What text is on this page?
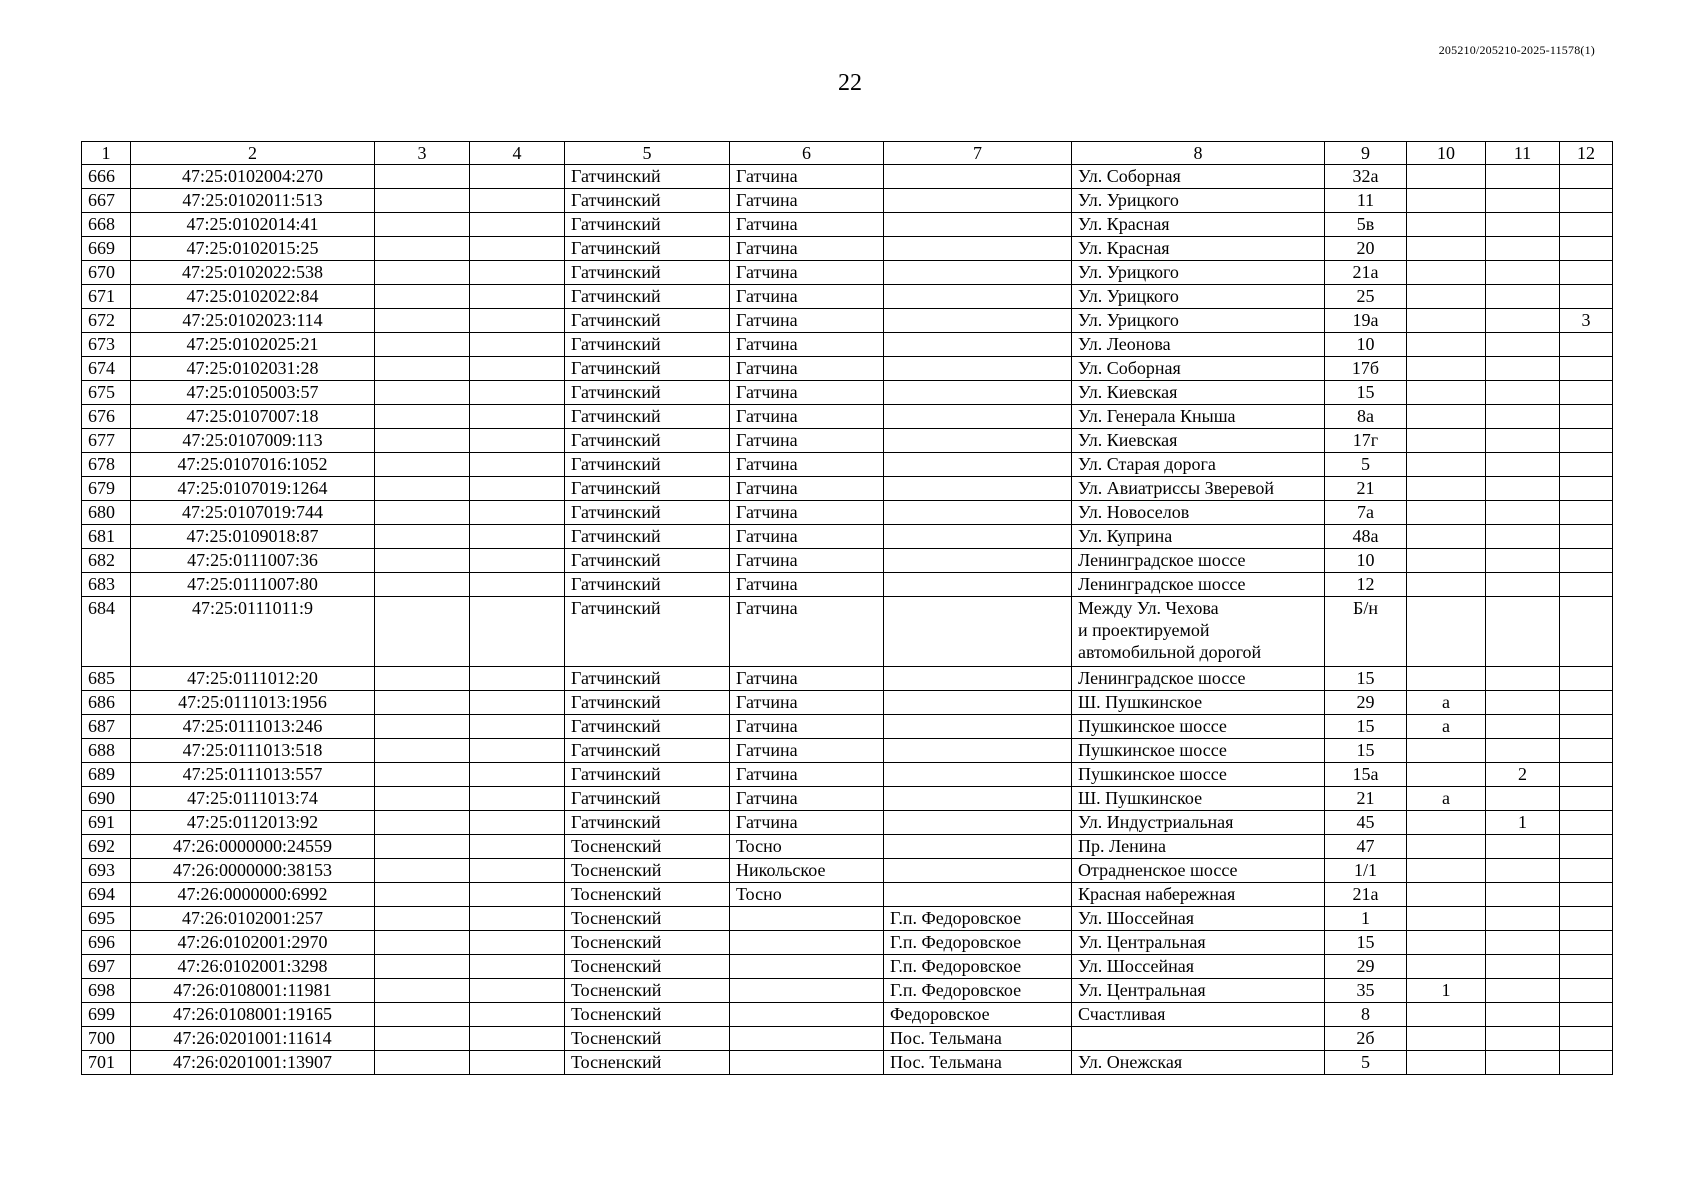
205210/205210-2025-11578(1)
22
1	2	3	4	5	6	7	8	9	10	11	12
666	47:25:0102004:270			Гатчинский	Гатчина		Ул. Соборная	32а			
667	47:25:0102011:513			Гатчинский	Гатчина		Ул. Урицкого	11			
668	47:25:0102014:41			Гатчинский	Гатчина		Ул. Красная	5в			
669	47:25:0102015:25			Гатчинский	Гатчина		Ул. Красная	20			
670	47:25:0102022:538			Гатчинский	Гатчина		Ул. Урицкого	21а			
671	47:25:0102022:84			Гатчинский	Гатчина		Ул. Урицкого	25			
672	47:25:0102023:114			Гатчинский	Гатчина		Ул. Урицкого	19а			3
673	47:25:0102025:21			Гатчинский	Гатчина		Ул. Леонова	10			
674	47:25:0102031:28			Гатчинский	Гатчина		Ул. Соборная	17б			
675	47:25:0105003:57			Гатчинский	Гатчина		Ул. Киевская	15			
676	47:25:0107007:18			Гатчинский	Гатчина		Ул. Генерала Кныша	8а			
677	47:25:0107009:113			Гатчинский	Гатчина		Ул. Киевская	17г			
678	47:25:0107016:1052			Гатчинский	Гатчина		Ул. Старая дорога	5			
679	47:25:0107019:1264			Гатчинский	Гатчина		Ул. Авиатриссы Зверевой	21			
680	47:25:0107019:744			Гатчинский	Гатчина		Ул. Новоселов	7а			
681	47:25:0109018:87			Гатчинский	Гатчина		Ул. Куприна	48а			
682	47:25:0111007:36			Гатчинский	Гатчина		Ленинградское шоссе	10			
683	47:25:0111007:80			Гатчинский	Гатчина		Ленинградское шоссе	12			
684	47:25:0111011:9			Гатчинский	Гатчина		Между Ул. Чехова
и проектируемой
автомобильной дорогой	Б/н			
685	47:25:0111012:20			Гатчинский	Гатчина		Ленинградское шоссе	15			
686	47:25:0111013:1956			Гатчинский	Гатчина		Ш. Пушкинское	29	а		
687	47:25:0111013:246			Гатчинский	Гатчина		Пушкинское шоссе	15	а		
688	47:25:0111013:518			Гатчинский	Гатчина		Пушкинское шоссе	15			
689	47:25:0111013:557			Гатчинский	Гатчина		Пушкинское шоссе	15а		2	
690	47:25:0111013:74			Гатчинский	Гатчина		Ш. Пушкинское	21	а		
691	47:25:0112013:92			Гатчинский	Гатчина		Ул. Индустриальная	45		1	
692	47:26:0000000:24559			Тосненский	Тосно		Пр. Ленина	47			
693	47:26:0000000:38153			Тосненский	Никольское		Отрадненское шоссе	1/1			
694	47:26:0000000:6992			Тосненский	Тосно		Красная набережная	21а			
695	47:26:0102001:257			Тосненский		Г.п. Федоровское	Ул. Шоссейная	1			
696	47:26:0102001:2970			Тосненский		Г.п. Федоровское	Ул. Центральная	15			
697	47:26:0102001:3298			Тосненский		Г.п. Федоровское	Ул. Шоссейная	29			
698	47:26:0108001:11981			Тосненский		Г.п. Федоровское	Ул. Центральная	35	1		
699	47:26:0108001:19165			Тосненский		Федоровское	Счастливая	8			
700	47:26:0201001:11614			Тосненский		Пос. Тельмана		2б			
701	47:26:0201001:13907			Тосненский		Пос. Тельмана	Ул. Онежская	5			
